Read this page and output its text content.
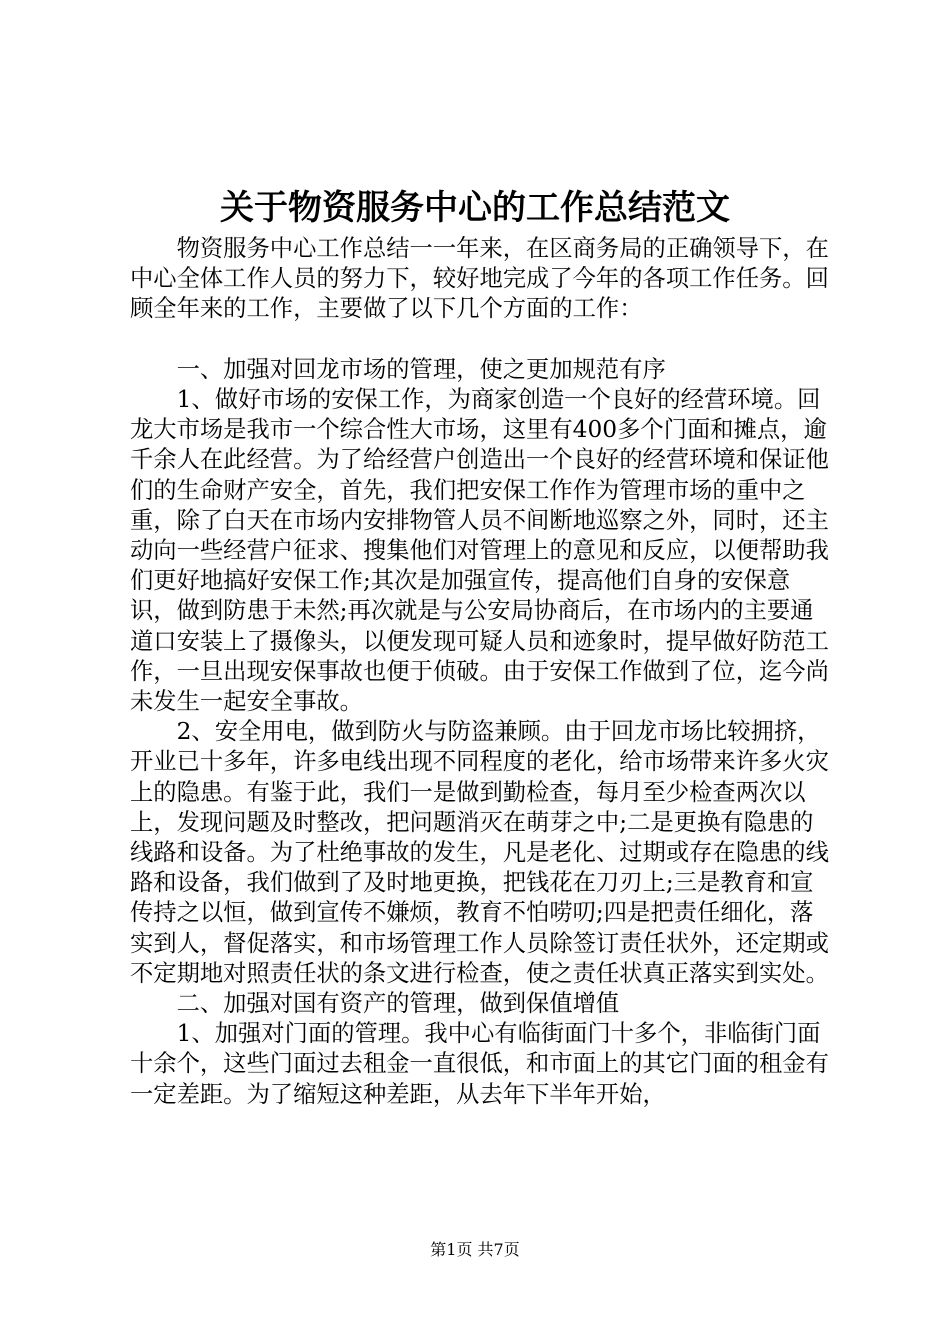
关于物资服务中心的工作总结范文

物资服务中心工作总结一一年来，在区商务局的正确领导下，在中心全体工作人员的努力下，较好地完成了今年的各项工作任务。回顾全年来的工作，主要做了以下几个方面的工作：

一、加强对回龙市场的管理，使之更加规范有序

1、做好市场的安保工作，为商家创造一个良好的经营环境。回龙大市场是我市一个综合性大市场，这里有400多个门面和摊点，逾千余人在此经营。为了给经营户创造出一个良好的经营环境和保证他们的生命财产安全，首先，我们把安保工作作为管理市场的重中之重，除了白天在市场内安排物管人员不间断地巡察之外，同时，还主动向一些经营户征求、搜集他们对管理上的意见和反应，以便帮助我们更好地搞好安保工作;其次是加强宣传，提高他们自身的安保意识，做到防患于未然;再次就是与公安局协商后，在市场内的主要通道口安装上了摄像头，以便发现可疑人员和迹象时，提早做好防范工作，一旦出现安保事故也便于侦破。由于安保工作做到了位，迄今尚未发生一起安全事故。

2、安全用电，做到防火与防盗兼顾。由于回龙市场比较拥挤，开业已十多年，许多电线出现不同程度的老化，给市场带来许多火灾上的隐患。有鉴于此，我们一是做到勤检查，每月至少检查两次以上，发现问题及时整改，把问题消灭在萌芽之中;二是更换有隐患的线路和设备。为了杜绝事故的发生，凡是老化、过期或存在隐患的线路和设备，我们做到了及时地更换，把钱花在刀刃上;三是教育和宣传持之以恒，做到宣传不嫌烦，教育不怕唠叨;四是把责任细化，落实到人，督促落实，和市场管理工作人员除签订责任状外，还定期或不定期地对照责任状的条文进行检查，使之责任状真正落实到实处。

二、加强对国有资产的管理，做到保值增值

1、加强对门面的管理。我中心有临街面门十多个，非临街门面十余个，这些门面过去租金一直很低，和市面上的其它门面的租金有一定差距。为了缩短这种差距，从去年下半年开始，

第1页 共7页
